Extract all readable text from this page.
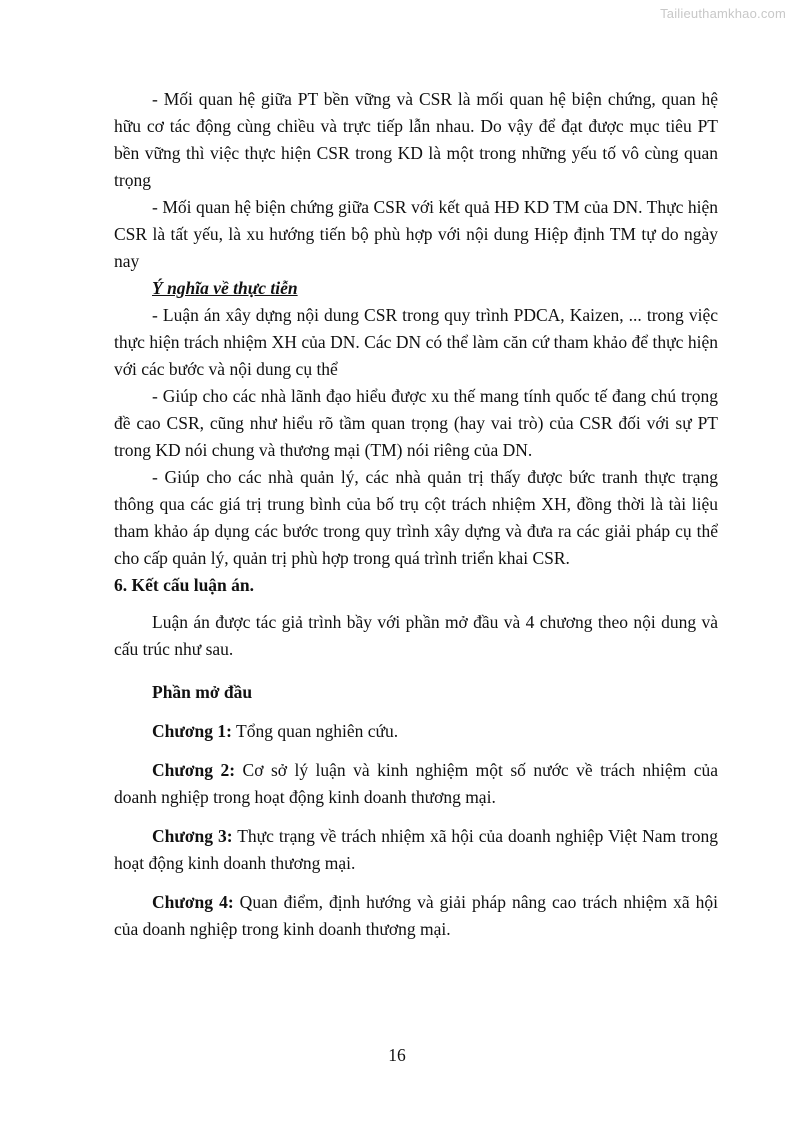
Tailieuthamkhao.com

- Mối quan hệ giữa PT bền vững và CSR là mối quan hệ biện chứng, quan hệ hữu cơ tác động cùng chiều và trực tiếp lẫn nhau. Do vậy để đạt được mục tiêu PT bền vững thì việc thực hiện CSR trong KD là một trong những yếu tố vô cùng quan trọng

- Mối quan hệ biện chứng giữa CSR với kết quả HĐ KD TM của DN. Thực hiện CSR là tất yếu, là xu hướng tiến bộ phù hợp với nội dung Hiệp định TM tự do ngày nay

Ý nghĩa về thực tiễn

- Luận án xây dựng nội dung CSR trong quy trình PDCA, Kaizen, ... trong việc thực hiện trách nhiệm XH của DN. Các DN có thể làm căn cứ tham khảo để thực hiện với các bước và nội dung cụ thể

- Giúp cho các nhà lãnh đạo hiểu được xu thế mang tính quốc tế đang chú trọng đề cao CSR, cũng như hiểu rõ tầm quan trọng (hay vai trò) của CSR đối với sự PT trong KD nói chung và thương mại (TM) nói riêng của DN.

- Giúp cho các nhà quản lý, các nhà quản trị thấy được bức tranh thực trạng thông qua các giá trị trung bình của bố trụ cột trách nhiệm XH, đồng thời là tài liệu tham khảo áp dụng các bước trong quy trình xây dựng và đưa ra các giải pháp cụ thể cho cấp quản lý, quản trị phù hợp trong quá trình triển khai CSR.

6. Kết cấu luận án.

Luận án được tác giả trình bầy với phần mở đầu và 4 chương theo nội dung và cấu trúc như sau.

Phần mở đầu

Chương 1: Tổng quan nghiên cứu.

Chương 2: Cơ sở lý luận và kinh nghiệm một số nước về trách nhiệm của doanh nghiệp trong hoạt động kinh doanh thương mại.

Chương 3: Thực trạng về trách nhiệm xã hội của doanh nghiệp Việt Nam trong hoạt động kinh doanh thương mại.

Chương 4: Quan điểm, định hướng và giải pháp nâng cao trách nhiệm xã hội của doanh nghiệp trong kinh doanh thương mại.

16
